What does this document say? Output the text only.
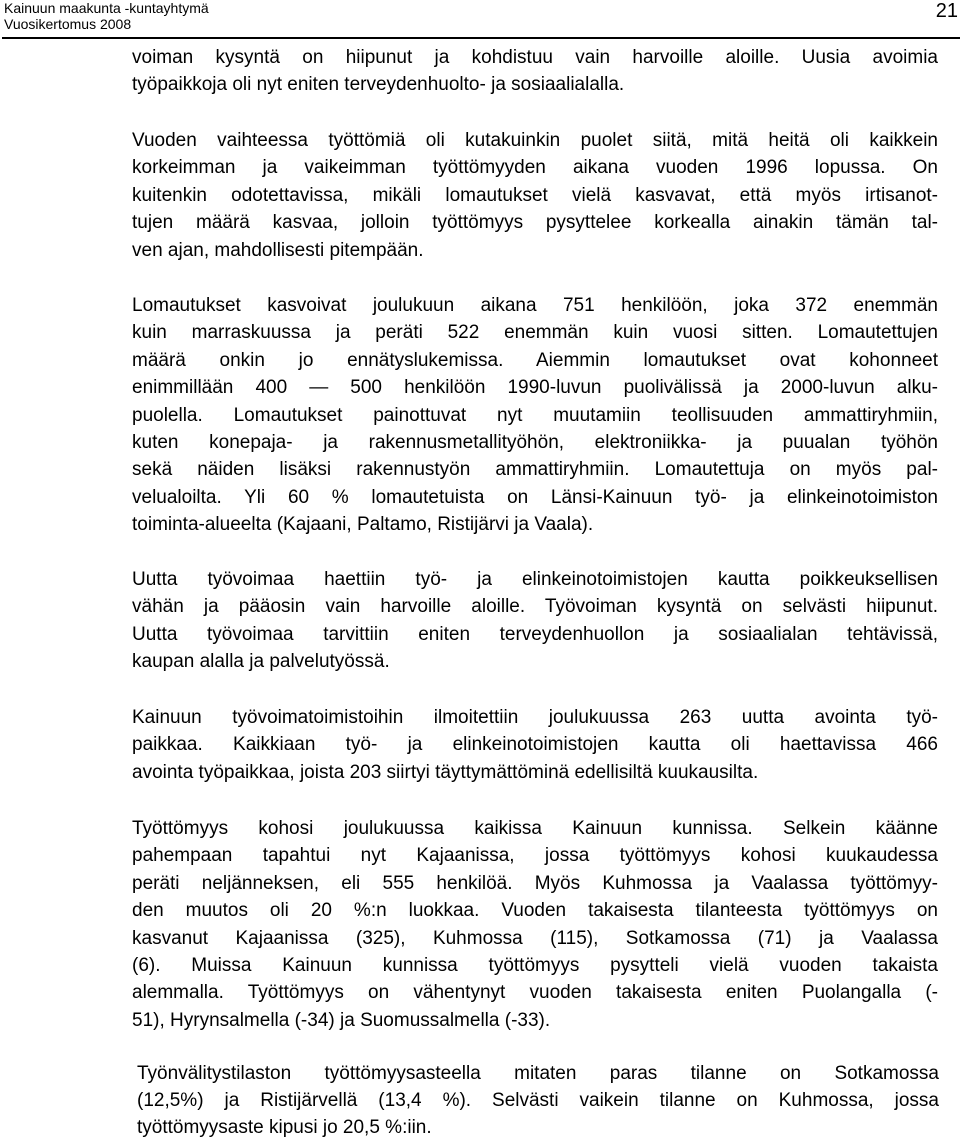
Kainuun maakunta -kuntayhtymä
Vuosikertomus 2008
21
voiman kysyntä on hiipunut ja kohdistuu vain harvoille aloille. Uusia avoimia
työpaikkoja oli nyt eniten terveydenhuolto- ja sosiaalialalla.
Vuoden vaihteessa työttömiä oli kutakuinkin puolet siitä, mitä heitä oli kaikkein
korkeimman ja vaikeimman työttömyyden aikana vuoden 1996 lopussa. On
kuitenkin odotettavissa, mikäli lomautukset vielä kasvavat, että myös irtisanot-
tujen määrä kasvaa, jolloin työttömyys pysyttelee korkealla ainakin tämän tal-
ven ajan, mahdollisesti pitempään.
Lomautukset kasvoivat joulukuun aikana 751 henkilöön, joka 372 enemmän
kuin marraskuussa ja peräti 522 enemmän kuin vuosi sitten. Lomautettujen
määrä onkin jo ennätyslukemissa. Aiemmin lomautukset ovat kohonneet
enimmillään 400 — 500 henkilöön 1990-luvun puolivälissä ja 2000-luvun alku-
puolella. Lomautukset painottuvat nyt muutamiin teollisuuden ammattiryhmiin,
kuten konepaja- ja rakennusmetallityöhön, elektroniikka- ja puualan työhön
sekä näiden lisäksi rakennustyön ammattiryhmiin. Lomautettuja on myös pal-
velualoilta. Yli 60 % lomautetuista on Länsi-Kainuun työ- ja elinkeinotoimiston
toiminta-alueelta (Kajaani, Paltamo, Ristijärvi ja Vaala).
Uutta työvoimaa haettiin työ- ja elinkeinotoimistojen kautta poikkeuksellisen
vähän ja pääosin vain harvoille aloille. Työvoiman kysyntä on selvästi hiipunut.
Uutta työvoimaa tarvittiin eniten terveydenhuollon ja sosiaalialan tehtävissä,
kaupan alalla ja palvelutyössä.
Kainuun työvoimatoimistoihin ilmoitettiin joulukuussa 263 uutta avointa työ-
paikkaa. Kaikkiaan työ- ja elinkeinotoimistojen kautta oli haettavissa 466
avointa työpaikkaa, joista 203 siirtyi täyttymättöminä edellisiltä kuukausilta.
Työttömyys kohosi joulukuussa kaikissa Kainuun kunnissa. Selkein käänne
pahempaan tapahtui nyt Kajaanissa, jossa työttömyys kohosi kuukaudessa
peräti neljänneksen, eli 555 henkilöä. Myös Kuhmossa ja Vaalassa työttömyy-
den muutos oli 20 %:n luokkaa. Vuoden takaisesta tilanteesta työttömyys on
kasvanut Kajaanissa (325), Kuhmossa (115), Sotkamossa (71) ja Vaalassa
(6). Muissa Kainuun kunnissa työttömyys pysytteli vielä vuoden takaista
alemmalla. Työttömyys on vähentynyt vuoden takaisesta eniten Puolangalla (-
51), Hyrynsalmella (-34) ja Suomussalmella (-33).
Työnvälitystilaston työttömyysasteella mitaten paras tilanne on Sotkamossa
(12,5%) ja Ristijärvellä (13,4 %). Selvästi vaikein tilanne on Kuhmossa, jossa
työttömyysaste kipusi jo 20,5 %:iin.
